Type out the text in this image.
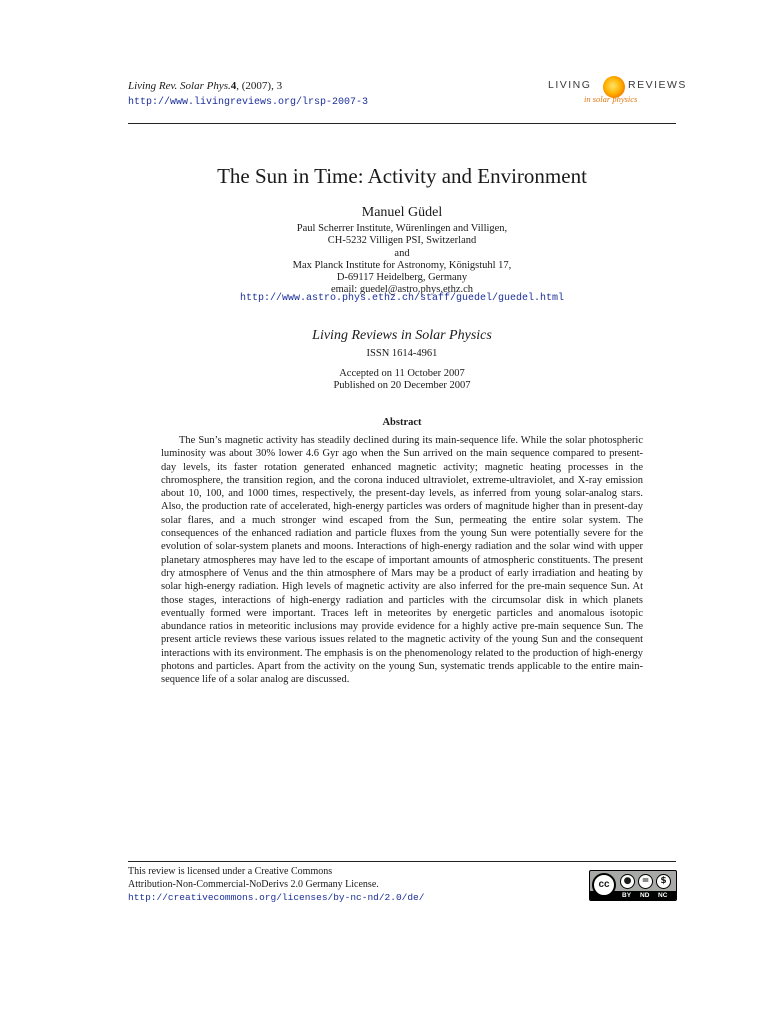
Living Rev. Solar Phys.4, (2007), 3
http://www.livingreviews.org/lrsp-2007-3
LIVING	REVIEWS
in solar physics
The Sun in Time: Activity and Environment
Manuel Güdel
Paul Scherrer Institute, Würenlingen and Villigen,
CH-5232 Villigen PSI, Switzerland
and
Max Planck Institute for Astronomy, Königstuhl 17,
D-69117 Heidelberg, Germany
email: guedel@astro.phys.ethz.ch
http://www.astro.phys.ethz.ch/staff/guedel/guedel.html
Living Reviews in Solar Physics
ISSN 1614-4961
Accepted on 11 October 2007
Published on 20 December 2007
Abstract

The Sun’s magnetic activity has steadily declined during its main-sequence life. While the solar photospheric luminosity was about 30% lower 4.6 Gyr ago when the Sun arrived on the main sequence compared to present-day levels, its faster rotation generated enhanced magnetic activity; magnetic heating processes in the chromosphere, the transition region, and the corona induced ultraviolet, extreme-ultraviolet, and X-ray emission about 10, 100, and 1000 times, respectively, the present-day levels, as inferred from young solar-analog stars. Also, the production rate of accelerated, high-energy particles was orders of magnitude higher than in present-day solar flares, and a much stronger wind escaped from the Sun, permeating the entire solar system. The consequences of the enhanced radiation and particle fluxes from the young Sun were potentially severe for the evolution of solar-system planets and moons. Interactions of high-energy radiation and the solar wind with upper planetary atmospheres may have led to the escape of important amounts of atmospheric constituents. The present dry atmosphere of Venus and the thin atmosphere of Mars may be a product of early irradiation and heating by solar high-energy radiation. High levels of magnetic activity are also inferred for the pre-main sequence Sun. At those stages, interactions of high-energy radiation and particles with the circumsolar disk in which planets eventually formed were important. Traces left in meteorites by energetic particles and anomalous isotopic abundance ratios in meteoritic inclusions may provide evidence for a highly active pre-main sequence Sun. The present article reviews these various issues related to the magnetic activity of the young Sun and the consequent interactions with its environment. The emphasis is on the phenomenology related to the production of high-energy photons and particles. Apart from the activity on the young Sun, systematic trends applicable to the entire main-sequence life of a solar analog are discussed.

This review is licensed under a Creative Commons
Attribution-Non-Commercial-NoDerivs 2.0 Germany License.
http://creativecommons.org/licenses/by-nc-nd/2.0/de/
cc	●	=	$
BY ND NC
